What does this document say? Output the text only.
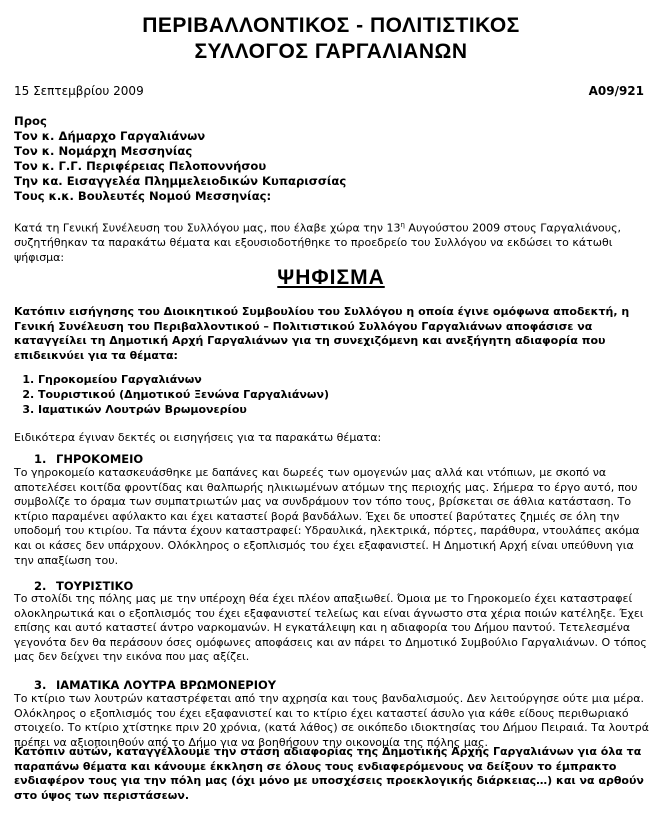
ΠΕΡΙΒΑΛΛΟΝΤΙΚΟΣ - ΠΟΛΙΤΙΣΤΙΚΟΣ
ΣΥΛΛΟΓΟΣ ΓΑΡΓΑΛΙΑΝΩΝ
15 Σεπτεμβρίου 2009	A09/921
Προς
Τον κ. Δήμαρχο Γαργαλιάνων
Τον κ. Νομάρχη Μεσσηνίας
Τον κ. Γ.Γ. Περιφέρειας Πελοποννήσου
Την κα. Εισαγγελέα Πλημμελειοδικών Κυπαρισσίας
Τους κ.κ. Βουλευτές Νομού Μεσσηνίας:
Κατά τη Γενική Συνέλευση του Συλλόγου μας, που έλαβε χώρα την $13^\eta$ Αυγούστου 2009 στους Γαργαλιάνους, συζητήθηκαν τα παρακάτω θέματα και εξουσιοδοτήθηκε το προεδρείο του Συλλόγου να εκδώσει το κάτωθι ψήφισμα:
ΨΗΦΙΣΜΑ
Κατόπιν εισήγησης του Διοικητικού Συμβουλίου του Συλλόγου η οποία έγινε ομόφωνα αποδεκτή, η Γενική Συνέλευση του Περιβαλλοντικού – Πολιτιστικού Συλλόγου Γαργαλιάνων αποφάσισε να καταγγείλει τη Δημοτική Αρχή Γαργαλιάνων για τη συνεχιζόμενη και ανεξήγητη αδιαφορία που επιδεικνύει για τα θέματα:
1. Γηροκομείου Γαργαλιάνων
2. Τουριστικού (Δημοτικού Ξενώνα Γαργαλιάνων)
3. Ιαματικών Λουτρών Βρωμονερίου
Ειδικότερα έγιναν δεκτές οι εισηγήσεις για τα παρακάτω θέματα:
1. ΓΗΡΟΚΟΜΕΙΟ
Το γηροκομείο κατασκευάσθηκε με δαπάνες και δωρεές των ομογενών μας αλλά και ντόπιων, με σκοπό να αποτελέσει κοιτίδα φροντίδας και θαλπωρής ηλικιωμένων ατόμων της περιοχής μας. Σήμερα το έργο αυτό, που συμβολίζε το όραμα των συμπατριωτών μας να συνδράμουν τον τόπο τους, βρίσκεται σε άθλια κατάσταση. Το κτίριο παραμένει αφύλακτο και έχει καταστεί βορά βανδάλων. Έχει δε υποστεί βαρύτατες ζημιές σε όλη την υποδομή του κτιρίου. Τα πάντα έχουν καταστραφεί: Υδραυλικά, ηλεκτρικά, πόρτες, παράθυρα, ντουλάπες ακόμα και οι κάσες δεν υπάρχουν. Ολόκληρος ο εξοπλισμός του έχει εξαφανιστεί. Η Δημοτική Αρχή είναι υπεύθυνη για την απαξίωση του.
2. ΤΟΥΡΙΣΤΙΚΟ
Το στολίδι της πόλης μας με την υπέροχη θέα έχει πλέον απαξιωθεί. Όμοια με το Γηροκομείο έχει καταστραφεί ολοκληρωτικά και ο εξοπλισμός του έχει εξαφανιστεί τελείως και είναι άγνωστο στα χέρια ποιών κατέληξε. Έχει επίσης και αυτό καταστεί άντρο ναρκομανών. Η εγκατάλειψη και η αδιαφορία του Δήμου παντού. Τετελεσμένα γεγονότα δεν θα περάσουν όσες ομόφωνες αποφάσεις και αν πάρει το Δημοτικό Συμβούλιο Γαργαλιάνων. Ο τόπος μας δεν δείχνει την εικόνα που μας αξίζει.
3. ΙΑΜΑΤΙΚΑ ΛΟΥΤΡΑ ΒΡΩΜΟΝΕΡΙΟΥ
Το κτίριο των λουτρών καταστρέφεται από την αχρησία και τους βανδαλισμούς. Δεν λειτούργησε ούτε μια μέρα. Ολόκληρος ο εξοπλισμός του έχει εξαφανιστεί και το κτίριο έχει καταστεί άσυλο για κάθε είδους περιθωριακό στοιχείο. Το κτίριο χτίστηκε πριν 20 χρόνια, (κατά λάθος) σε οικόπεδο ιδιοκτησίας του Δήμου Πειραιά. Τα λουτρά πρέπει να αξιοποιηθούν από το Δήμο για να βοηθήσουν την οικονομία της πόλης μας.
Κατόπιν αυτών, καταγγέλλουμε την στάση αδιαφορίας της Δημοτικής Αρχής Γαργαλιάνων για όλα τα παραπάνω θέματα και κάνουμε έκκληση σε όλους τους ενδιαφερόμενους να δείξουν το έμπρακτο ενδιαφέρον τους για την πόλη μας (όχι μόνο με υποσχέσεις προεκλογικής διάρκειας…) και να αρθούν στο ύψος των περιστάσεων.
